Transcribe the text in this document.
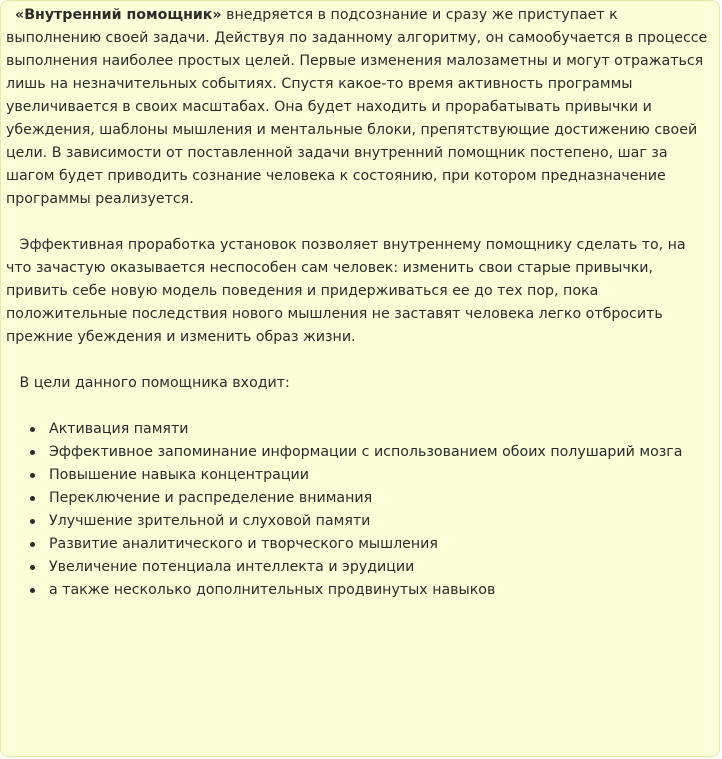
«Внутренний помощник» внедряется в подсознание и сразу же приступает к выполнению своей задачи. Действуя по заданному алгоритму, он самообучается в процессе выполнения наиболее простых целей. Первые изменения малозаметны и могут отражаться лишь на незначительных событиях. Спустя какое-то время активность программы увеличивается в своих масштабах. Она будет находить и прорабатывать привычки и убеждения, шаблоны мышления и ментальные блоки, препятствующие достижению своей цели. В зависимости от поставленной задачи внутренний помощник постепено, шаг за шагом будет приводить сознание человека к состоянию, при котором предназначение программы реализуется.

Эффективная проработка установок позволяет внутреннему помощнику сделать то, на что зачастую оказывается неспособен сам человек: изменить свои старые привычки, привить себе новую модель поведения и придерживаться ее до тех пор, пока положительные последствия нового мышления не заставят человека легко отбросить прежние убеждения и изменить образ жизни.

В цели данного помощника входит:

Активация памяти
Эффективное запоминание информации с использованием обоих полушарий мозга
Повышение навыка концентрации
Переключение и распределение внимания
Улучшение зрительной и слуховой памяти
Развитие аналитического и творческого мышления
Увеличение потенциала интеллекта и эрудиции
а также несколько дополнительных продвинутых навыков
